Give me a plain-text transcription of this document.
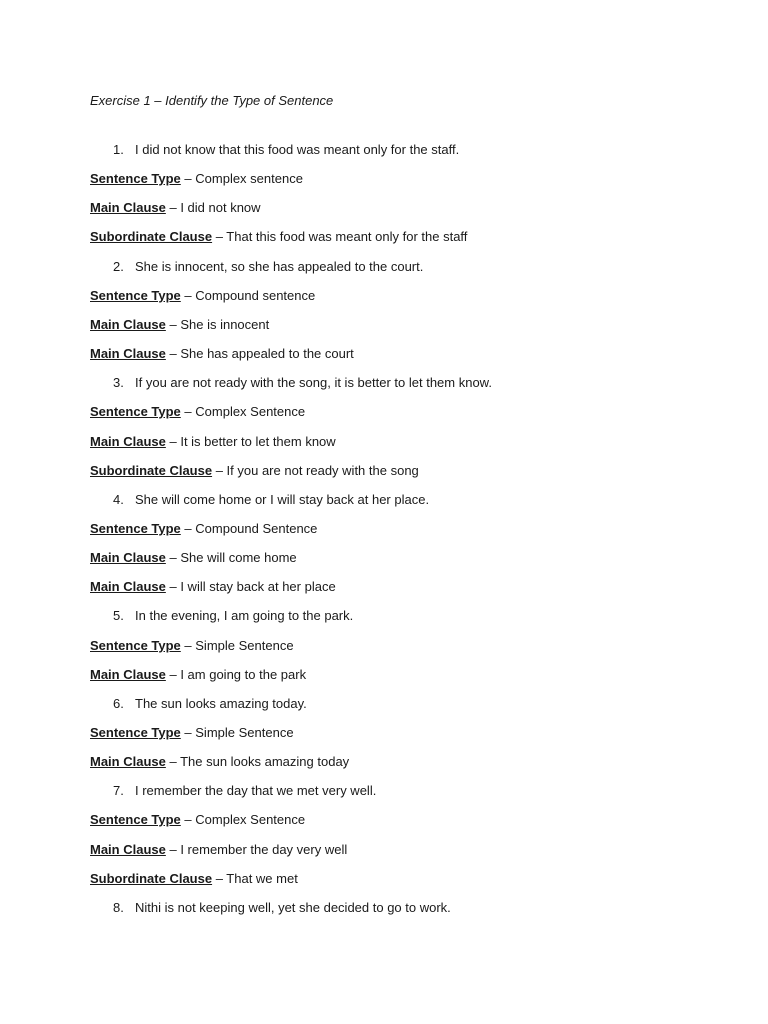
Exercise 1 – Identify the Type of Sentence
1. I did not know that this food was meant only for the staff.
Sentence Type – Complex sentence
Main Clause – I did not know
Subordinate Clause – That this food was meant only for the staff
2. She is innocent, so she has appealed to the court.
Sentence Type – Compound sentence
Main Clause – She is innocent
Main Clause – She has appealed to the court
3. If you are not ready with the song, it is better to let them know.
Sentence Type – Complex Sentence
Main Clause – It is better to let them know
Subordinate Clause – If you are not ready with the song
4. She will come home or I will stay back at her place.
Sentence Type – Compound Sentence
Main Clause – She will come home
Main Clause – I will stay back at her place
5. In the evening, I am going to the park.
Sentence Type – Simple Sentence
Main Clause – I am going to the park
6. The sun looks amazing today.
Sentence Type – Simple Sentence
Main Clause – The sun looks amazing today
7. I remember the day that we met very well.
Sentence Type – Complex Sentence
Main Clause – I remember the day very well
Subordinate Clause – That we met
8. Nithi is not keeping well, yet she decided to go to work.
